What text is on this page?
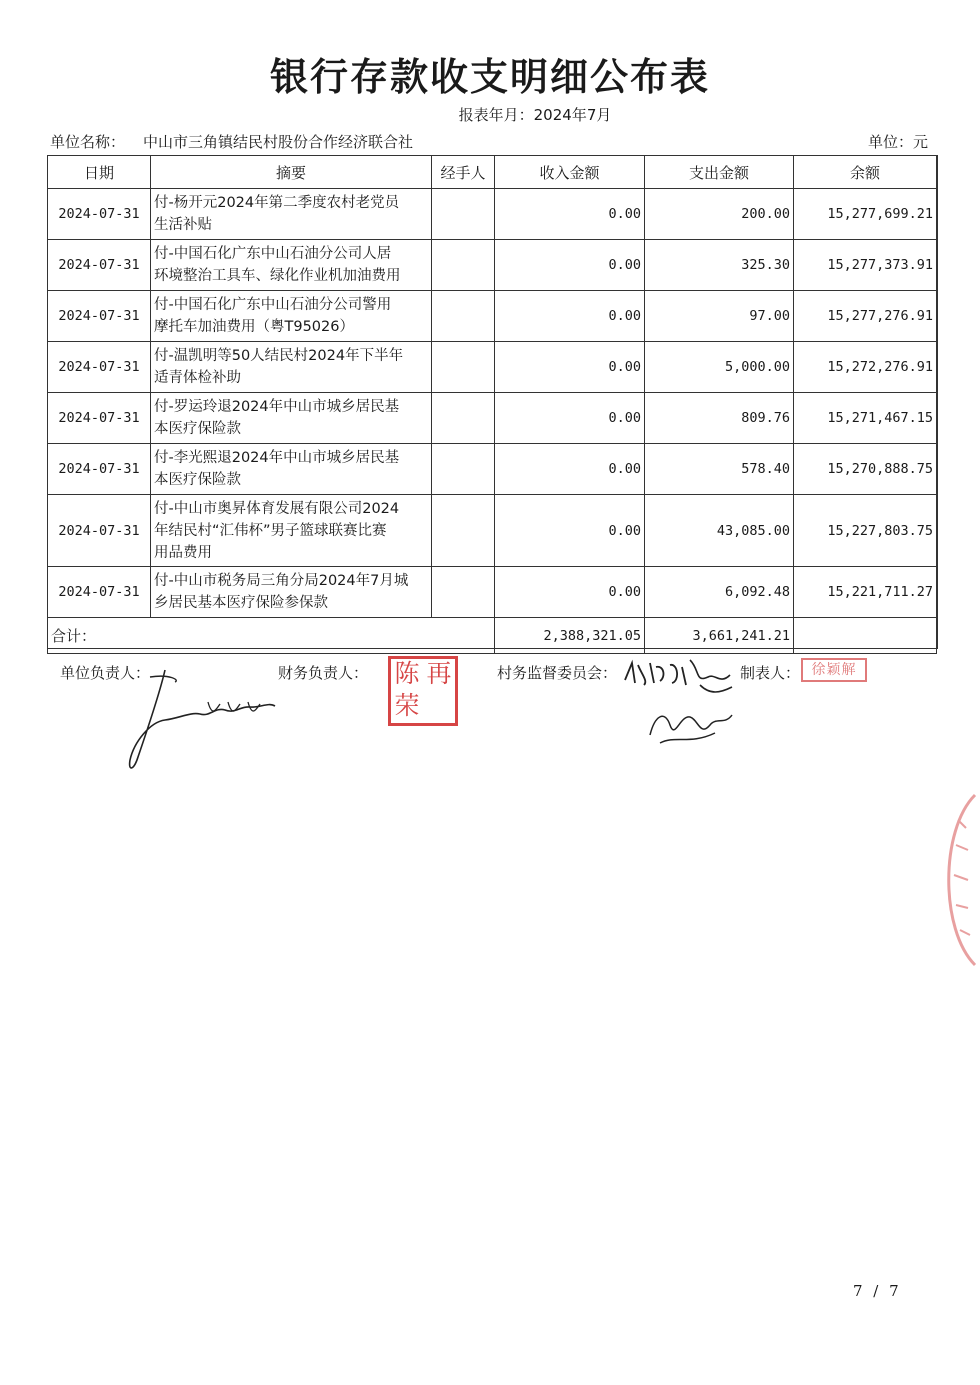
银行存款收支明细公布表
报表年月：2024年7月
单位名称： 中山市三角镇结民村股份合作经济联合社	单位：元
日期	摘要	经手人	收入金额	支出金额	余额
2024-07-31	付-杨开元2024年第二季度农村老党员
生活补贴		0.00	200.00	15,277,699.21
2024-07-31	付-中国石化广东中山石油分公司人居
环境整治工具车、绿化作业机加油费用		0.00	325.30	15,277,373.91
2024-07-31	付-中国石化广东中山石油分公司警用
摩托车加油费用（粤T95026）		0.00	97.00	15,277,276.91
2024-07-31	付-温凯明等50人结民村2024年下半年
适青体检补助		0.00	5,000.00	15,272,276.91
2024-07-31	付-罗运玲退2024年中山市城乡居民基
本医疗保险款		0.00	809.76	15,271,467.15
2024-07-31	付-李光熙退2024年中山市城乡居民基
本医疗保险款		0.00	578.40	15,270,888.75
2024-07-31	付-中山市奥昇体育发展有限公司2024
年结民村“汇伟杯”男子篮球联赛比赛
用品费用		0.00	43,085.00	15,227,803.75
2024-07-31	付-中山市税务局三角分局2024年7月城
乡居民基本医疗保险参保款		0.00	6,092.48	15,221,711.27
合计：			2,388,321.05	3,661,241.21	
单位负责人：	财务负责人： 陈 再
荣
村务监督委员会：	制表人： 徐颖解
7 / 7
